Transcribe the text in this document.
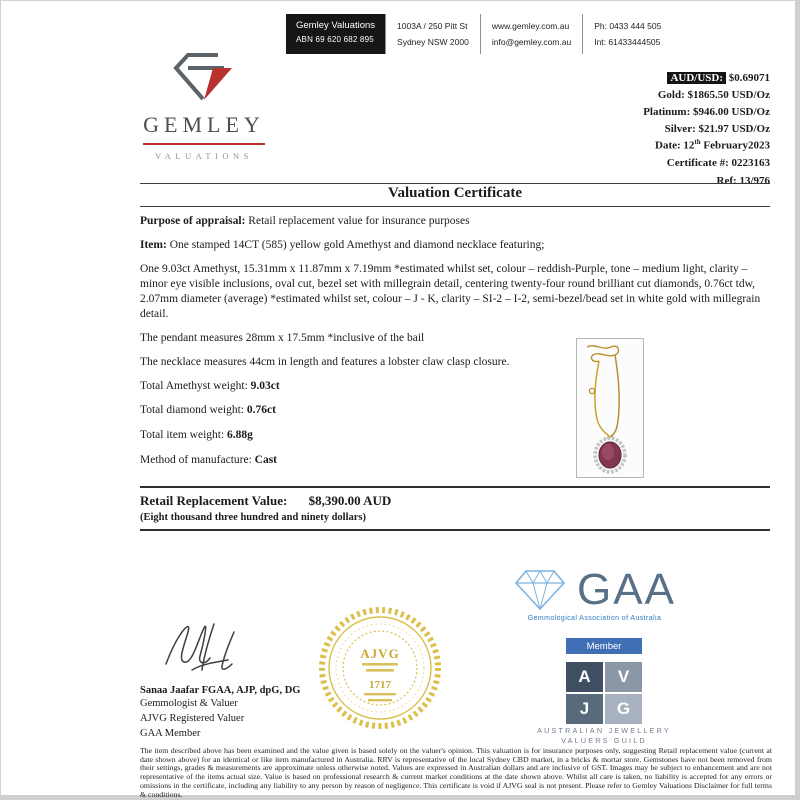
Gemley Valuations
ABN 69 620 682 895
1003A / 250 Pitt St
Sydney NSW 2000
www.gemley.com.au
info@gemley.com.au
Ph: 0433 444 505
Int: 61433444505
GEMLEY
VALUATIONS
AUD/USD: $0.69071
Gold: $1865.50 USD/Oz
Platinum: $946.00 USD/Oz
Silver: $21.97 USD/Oz
Date: 12th February2023
Certificate #: 0223163
Ref: 13/976
Valuation Certificate

Purpose of appraisal: Retail replacement value for insurance purposes

Item: One stamped 14CT (585) yellow gold Amethyst and diamond necklace featuring;

One 9.03ct Amethyst, 15.31mm x 11.87mm x 7.19mm *estimated whilst set, colour – reddish-Purple, tone – medium light, clarity – minor eye visible inclusions, oval cut, bezel set with millegrain detail, centering twenty-four round brilliant cut diamonds, 0.76ct tdw, 2.07mm diameter (average) *estimated whilst set, colour – J - K, clarity – SI-2 – I-2, semi-bezel/bead set in white gold with millegrain detail.

The pendant measures 28mm x 17.5mm *inclusive of the bail

The necklace measures 44cm in length and features a lobster claw clasp closure.

Total Amethyst weight: 9.03ct

Total diamond weight: 0.76ct

Total item weight: 6.88g

Method of manufacture: Cast

Retail Replacement Value: $8,390.00 AUD
(Eight thousand three hundred and ninety dollars)
Sanaa Jaafar FGAA, AJP, dpG, DG
Gemmologist & Valuer
AJVG Registered Valuer
GAA Member
AJVG
1717
GAA
Gemmological Association of Australia
Member
A	V
J	G
AUSTRALIAN JEWELLERY
VALUERS GUILD
The item described above has been examined and the value given is based solely on the valuer's opinion. This valuation is for insurance purposes only, suggesting Retail replacement value (current at date shown above) for an identical or like item manufactured in Australia. RRV is representative of the local Sydney CBD market, in a bricks & mortar store. Gemstones have not been removed from their settings, grades & measurements are approximate unless otherwise noted. Values are expressed in Australian dollars and are inclusive of GST. Images may be subject to enhancement and are not representative of the items actual size. Value is based on professional research & current market conditions at the date shown above. Whilst all care is taken, no liability is accepted for any errors or omissions in the certificate, including any liability to any person by reason of negligence. This certificate is void if AJVG seal is not present. Please refer to Gemley Valuations Disclaimer for full terms & conditions.
